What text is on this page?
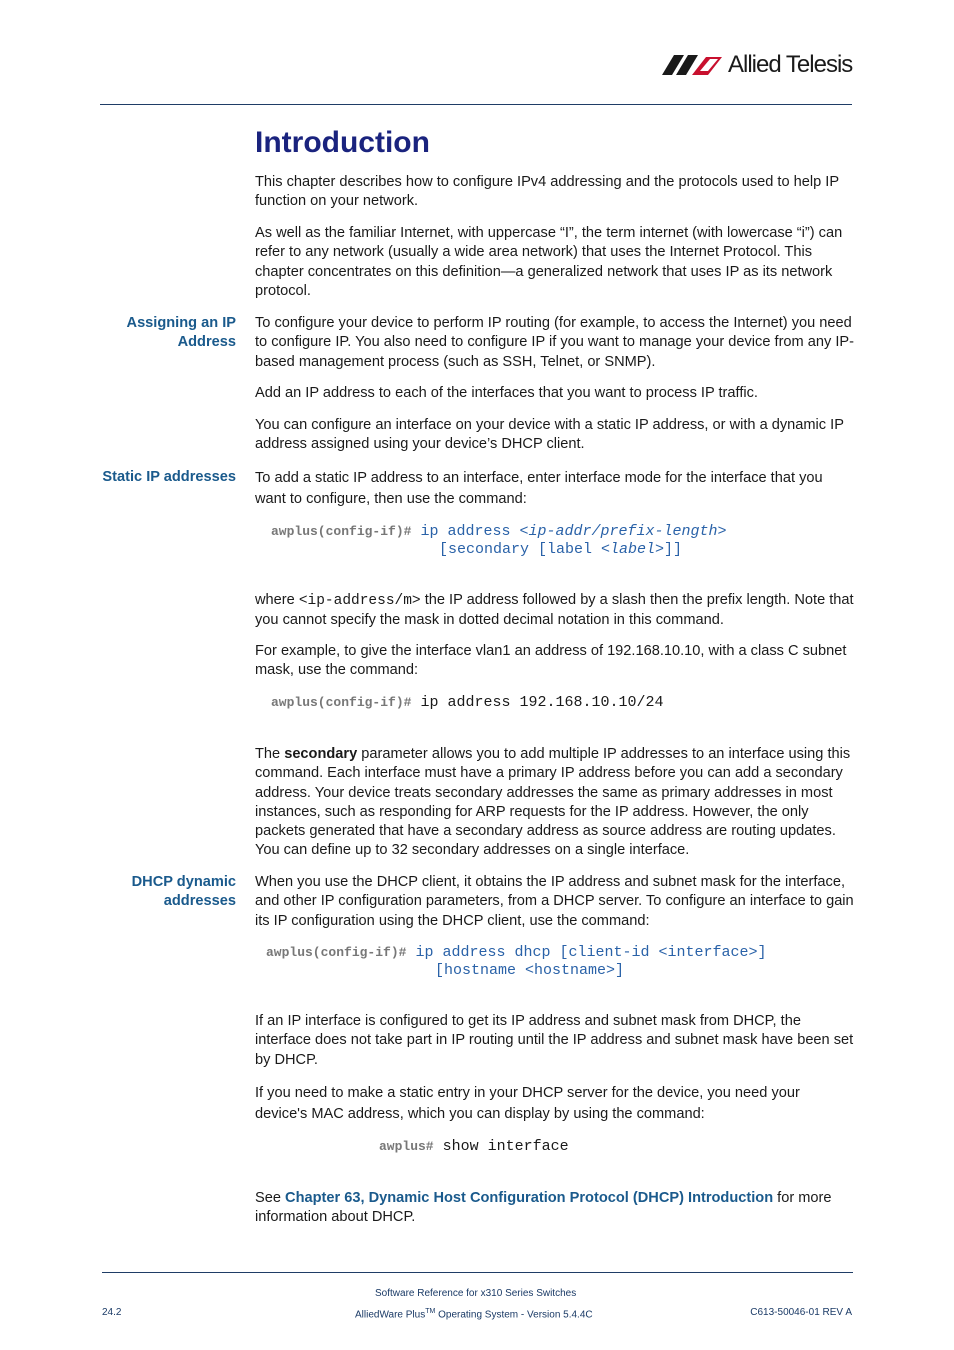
Allied Telesis
Introduction

This chapter describes how to configure IPv4 addressing and the protocols used to help IP function on your network.

As well as the familiar Internet, with uppercase “I”, the term internet (with lowercase “i”) can refer to any network (usually a wide area network) that uses the Internet Protocol. This chapter concentrates on this definition—a generalized network that uses IP as its network protocol.

Assigning an IP
Address

To configure your device to perform IP routing (for example, to access the Internet) you need to configure IP. You also need to configure IP if you want to manage your device from any IP-based management process (such as SSH, Telnet, or SNMP).

Add an IP address to each of the interfaces that you want to process IP traffic.

You can configure an interface on your device with a static IP address, or with a dynamic IP address assigned using your device’s DHCP client.

Static IP addresses To add a static IP address to an interface, enter interface mode for the interface that you want to configure, then use the command:

awplus(config-if)# ip address <ip-addr/prefix-length>
[secondary [label <label>]]

where <ip-address/m> the IP address followed by a slash then the prefix length. Note that you cannot specify the mask in dotted decimal notation in this command.

For example, to give the interface vlan1 an address of 192.168.10.10, with a class C subnet mask, use the command:

awplus(config-if)# ip address 192.168.10.10/24

The secondary parameter allows you to add multiple IP addresses to an interface using this command. Each interface must have a primary IP address before you can add a secondary address. Your device treats secondary addresses the same as primary addresses in most instances, such as responding for ARP requests for the IP address. However, the only packets generated that have a secondary address as source address are routing updates. You can define up to 32 secondary addresses on a single interface.

DHCP dynamic
addresses

When you use the DHCP client, it obtains the IP address and subnet mask for the interface, and other IP configuration parameters, from a DHCP server. To configure an interface to gain its IP configuration using the DHCP client, use the command:

awplus(config-if)# ip address dhcp [client-id <interface>]
[hostname <hostname>]

If an IP interface is configured to get its IP address and subnet mask from DHCP, the interface does not take part in IP routing until the IP address and subnet mask have been set by DHCP.

If you need to make a static entry in your DHCP server for the device, you need your device's MAC address, which you can display by using the command:

awplus# show interface

See Chapter 63, Dynamic Host Configuration Protocol (DHCP) Introduction for more information about DHCP.

Software Reference for x310 Series Switches
AlliedWare Plus™ Operating System - Version 5.4.4C
24.2	C613-50046-01 REV A
